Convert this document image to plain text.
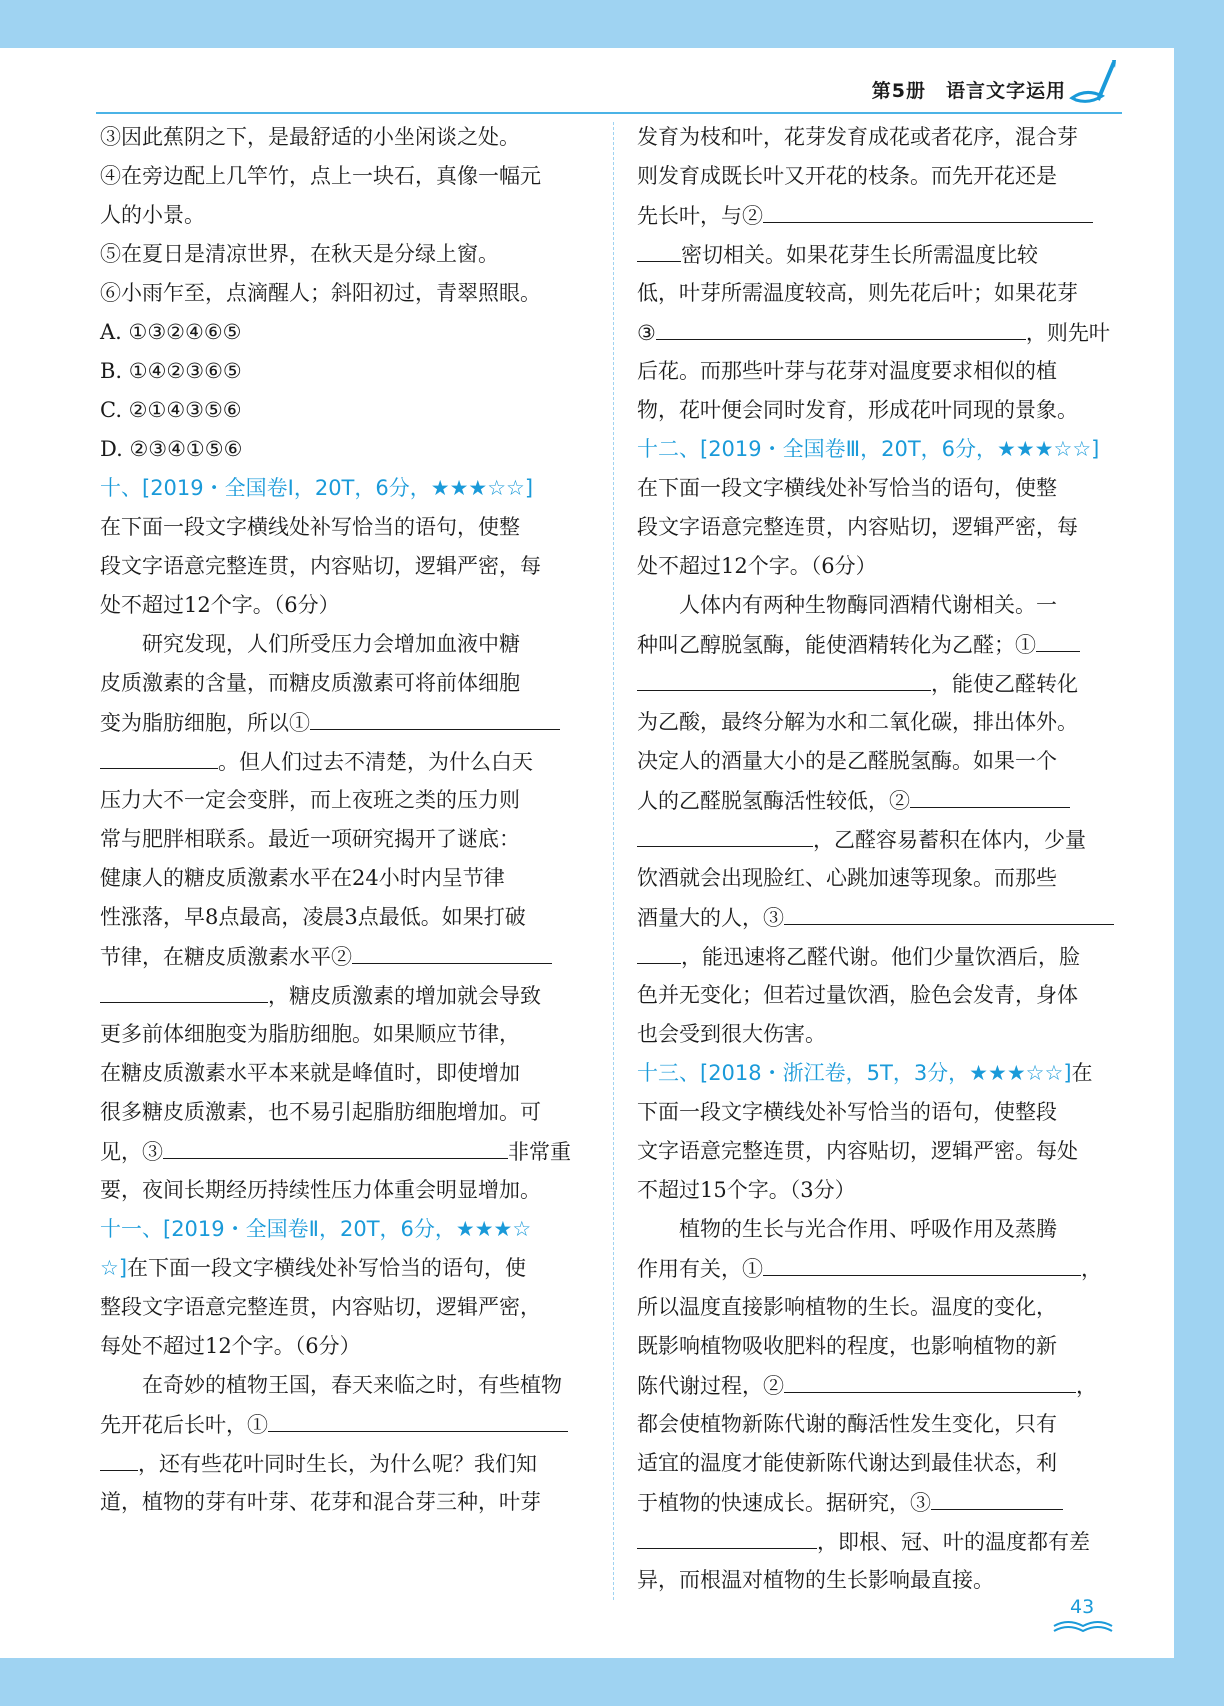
第5册　语言文字运用
③因此蕉阴之下，是最舒适的小坐闲谈之处。
④在旁边配上几竿竹，点上一块石，真像一幅元
人的小景。
⑤在夏日是清凉世界，在秋天是分绿上窗。
⑥小雨乍至，点滴醒人；斜阳初过，青翠照眼。
A. ①③②④⑥⑤
B. ①④②③⑥⑤
C. ②①④③⑤⑥
D. ②③④①⑤⑥
十、[2019・全国卷Ⅰ，20T，6分，★★★☆☆]
在下面一段文字横线处补写恰当的语句，使整
段文字语意完整连贯，内容贴切，逻辑严密，每
处不超过12个字。（6分）
研究发现，人们所受压力会增加血液中糖
皮质激素的含量，而糖皮质激素可将前体细胞
变为脂肪细胞，所以①
。但人们过去不清楚，为什么白天
压力大不一定会变胖，而上夜班之类的压力则
常与肥胖相联系。最近一项研究揭开了谜底：
健康人的糖皮质激素水平在24小时内呈节律
性涨落，早8点最高，凌晨3点最低。如果打破
节律，在糖皮质激素水平②
，糖皮质激素的增加就会导致
更多前体细胞变为脂肪细胞。如果顺应节律，
在糖皮质激素水平本来就是峰值时，即使增加
很多糖皮质激素，也不易引起脂肪细胞增加。可
见，③	非常重
要，夜间长期经历持续性压力体重会明显增加。
十一、[2019・全国卷Ⅱ，20T，6分，★★★☆
☆]在下面一段文字横线处补写恰当的语句，使
整段文字语意完整连贯，内容贴切，逻辑严密，
每处不超过12个字。（6分）
在奇妙的植物王国，春天来临之时，有些植物
先开花后长叶，①
，还有些花叶同时生长，为什么呢？我们知
道，植物的芽有叶芽、花芽和混合芽三种，叶芽
发育为枝和叶，花芽发育成花或者花序，混合芽
则发育成既长叶又开花的枝条。而先开花还是
先长叶，与②
密切相关。如果花芽生长所需温度比较
低，叶芽所需温度较高，则先花后叶；如果花芽
③	，则先叶
后花。而那些叶芽与花芽对温度要求相似的植
物，花叶便会同时发育，形成花叶同现的景象。
十二、[2019・全国卷Ⅲ，20T，6分，★★★☆☆]
在下面一段文字横线处补写恰当的语句，使整
段文字语意完整连贯，内容贴切，逻辑严密，每
处不超过12个字。（6分）
人体内有两种生物酶同酒精代谢相关。一
种叫乙醇脱氢酶，能使酒精转化为乙醛；①
，能使乙醛转化
为乙酸，最终分解为水和二氧化碳，排出体外。
决定人的酒量大小的是乙醛脱氢酶。如果一个
人的乙醛脱氢酶活性较低，②
，乙醛容易蓄积在体内，少量
饮酒就会出现脸红、心跳加速等现象。而那些
酒量大的人，③
，能迅速将乙醛代谢。他们少量饮酒后，脸
色并无变化；但若过量饮酒，脸色会发青，身体
也会受到很大伤害。
十三、[2018・浙江卷，5T，3分，★★★☆☆]在
下面一段文字横线处补写恰当的语句，使整段
文字语意完整连贯，内容贴切，逻辑严密。每处
不超过15个字。（3分）
植物的生长与光合作用、呼吸作用及蒸腾
作用有关，①	，
所以温度直接影响植物的生长。温度的变化，
既影响植物吸收肥料的程度，也影响植物的新
陈代谢过程，②	，
都会使植物新陈代谢的酶活性发生变化，只有
适宜的温度才能使新陈代谢达到最佳状态，利
于植物的快速成长。据研究，③
，即根、冠、叶的温度都有差
异，而根温对植物的生长影响最直接。
43
